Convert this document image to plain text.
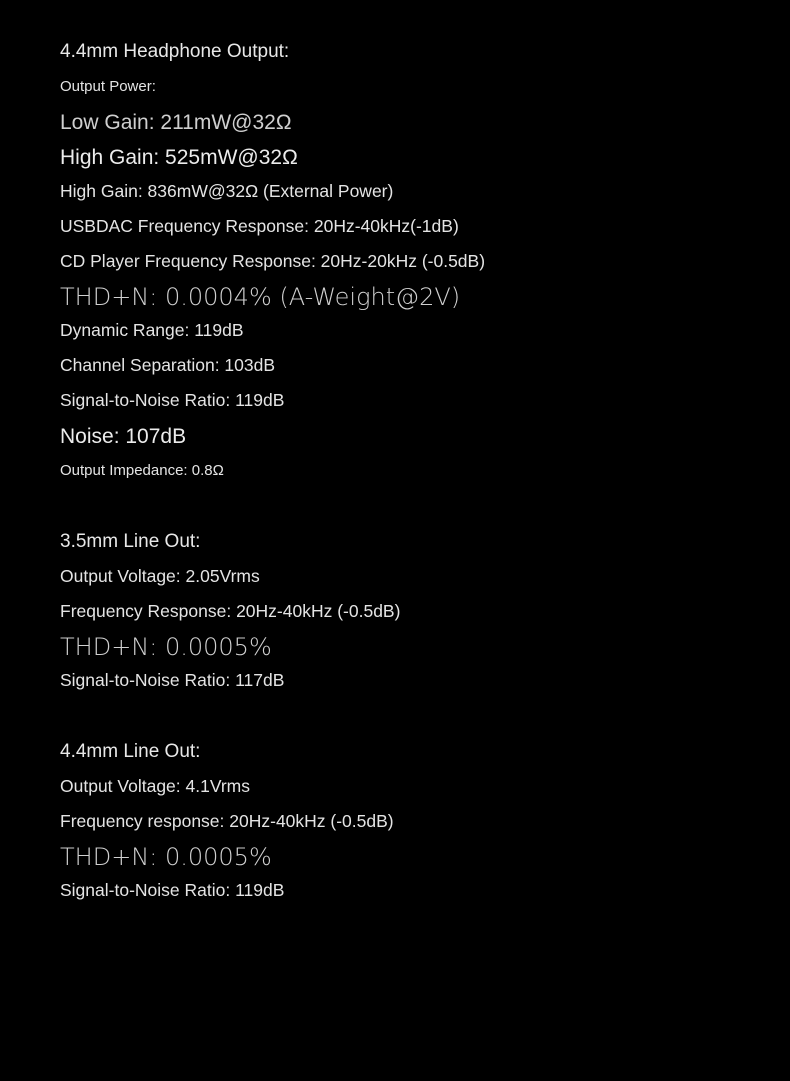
4.4mm Headphone Output:
Output Power:
Low Gain: 211mW@32Ω
High Gain: 525mW@32Ω
High Gain: 836mW@32Ω (External Power)
USBDAC Frequency Response: 20Hz-40kHz(-1dB)
CD Player Frequency Response: 20Hz-20kHz (-0.5dB)
THD+N: 0.0004% (A-Weight@2V)
Dynamic Range: 119dB
Channel Separation: 103dB
Signal-to-Noise Ratio: 119dB
Noise: 107dB
Output Impedance: 0.8Ω
3.5mm Line Out:
Output Voltage: 2.05Vrms
Frequency Response: 20Hz-40kHz (-0.5dB)
THD+N: 0.0005%
Signal-to-Noise Ratio: 117dB
4.4mm Line Out:
Output Voltage: 4.1Vrms
Frequency response: 20Hz-40kHz (-0.5dB)
THD+N: 0.0005%
Signal-to-Noise Ratio: 119dB
